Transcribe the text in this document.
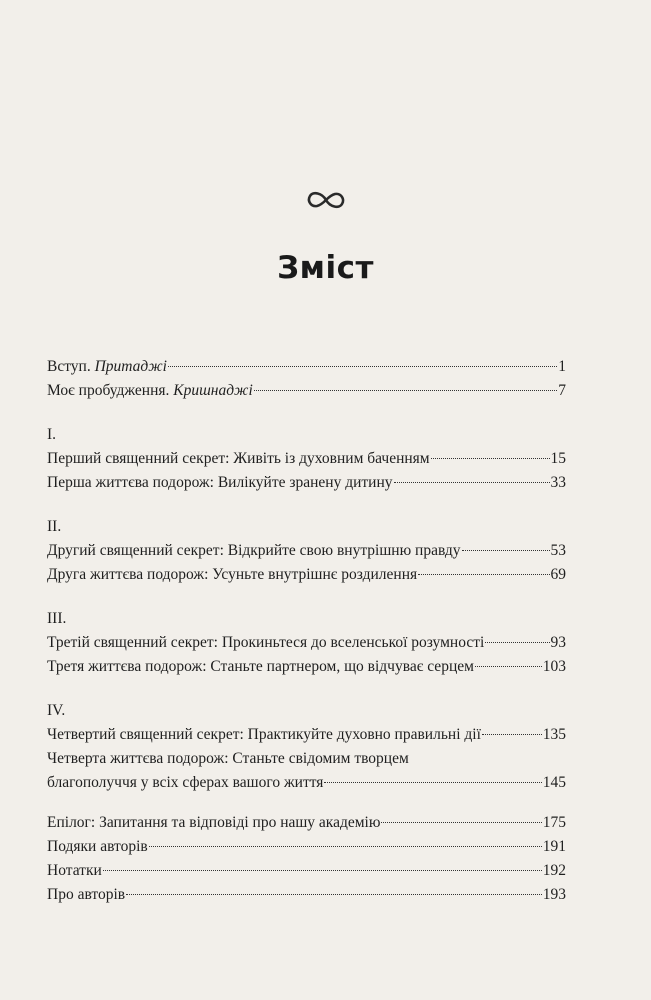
Зміст
Вступ. Притаджі	1
Моє пробудження. Кришнаджі	7
I.
Перший священний секрет: Живіть із духовним баченням	15
Перша життєва подорож: Вилікуйте зранену дитину	33
II.
Другий священний секрет: Відкрийте свою внутрішню правду	53
Друга життєва подорож: Усуньте внутрішнє роздилення	69
III.
Третій священний секрет: Прокиньтеся до вселенської розумності	93
Третя життєва подорож: Станьте партнером, що відчуває серцем	103
IV.
Четвертий священний секрет: Практикуйте духовно правильні дії	135
Четверта життєва подорож: Станьте свідомим творцем
благополуччя у всіх сферах вашого життя	145
Епілог: Запитання та відповіді про нашу академію	175
Подяки авторів	191
Нотатки	192
Про авторів	193
